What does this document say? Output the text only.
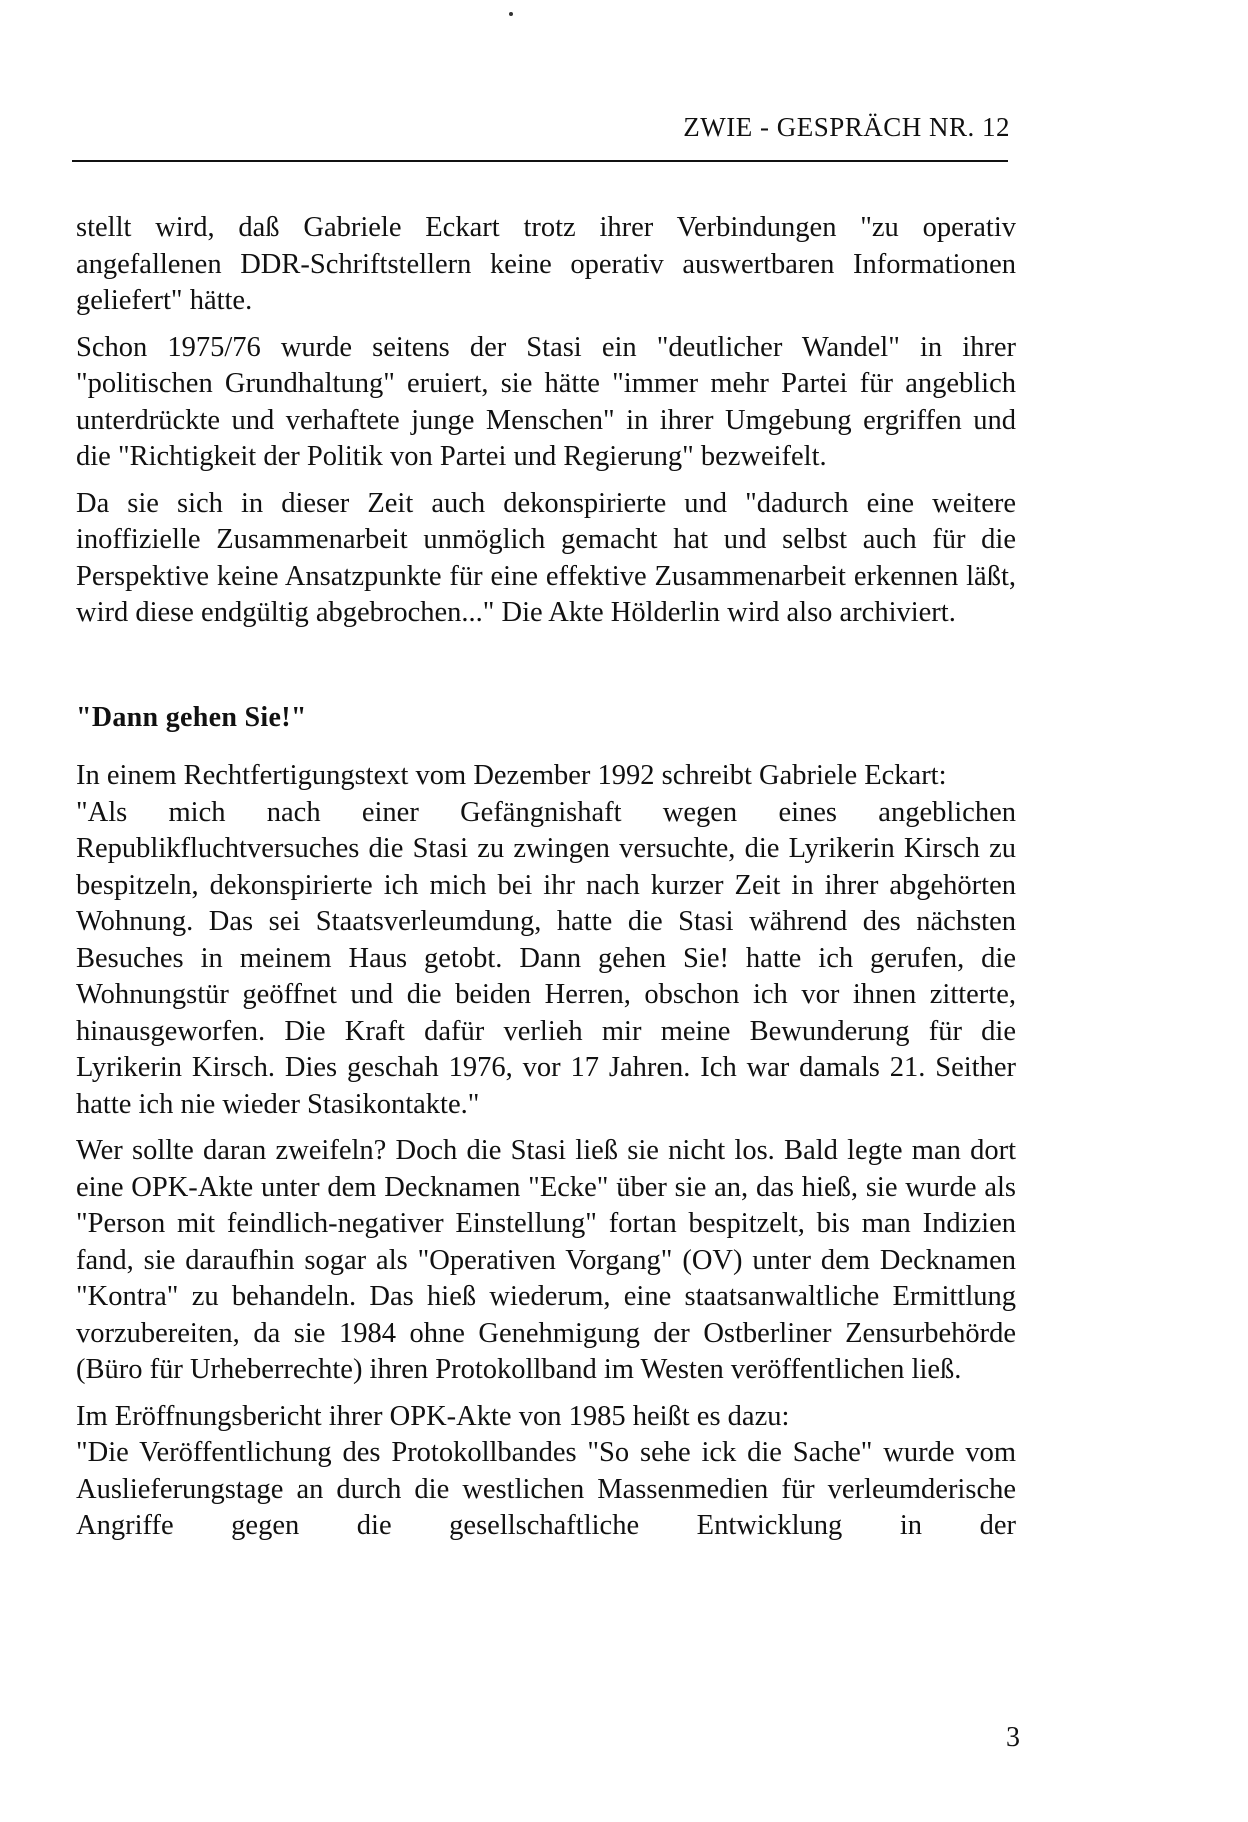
ZWIE - GESPRÄCH NR. 12

stellt wird, daß Gabriele Eckart trotz ihrer Verbindungen "zu operativ angefallenen DDR-Schriftstellern keine operativ auswertbaren Informationen geliefert" hätte.

Schon 1975/76 wurde seitens der Stasi ein "deutlicher Wandel" in ihrer "politischen Grundhaltung" eruiert, sie hätte "immer mehr Partei für angeblich unterdrückte und verhaftete junge Menschen" in ihrer Umgebung ergriffen und die "Richtigkeit der Politik von Partei und Regierung" bezweifelt.

Da sie sich in dieser Zeit auch dekonspirierte und "dadurch eine weitere inoffizielle Zusammenarbeit unmöglich gemacht hat und selbst auch für die Perspektive keine Ansatzpunkte für eine effektive Zusammenarbeit erkennen läßt, wird diese endgültig abgebrochen..." Die Akte Hölderlin wird also archiviert.

"Dann gehen Sie!"

In einem Rechtfertigungstext vom Dezember 1992 schreibt Gabriele Eckart:

"Als mich nach einer Gefängnishaft wegen eines angeblichen Republikfluchtversuches die Stasi zu zwingen versuchte, die Lyrikerin Kirsch zu bespitzeln, dekonspirierte ich mich bei ihr nach kurzer Zeit in ihrer abgehörten Wohnung. Das sei Staatsverleumdung, hatte die Stasi während des nächsten Besuches in meinem Haus getobt. Dann gehen Sie! hatte ich gerufen, die Wohnungstür geöffnet und die beiden Herren, obschon ich vor ihnen zitterte, hinausgeworfen. Die Kraft dafür verlieh mir meine Bewunderung für die Lyrikerin Kirsch. Dies geschah 1976, vor 17 Jahren. Ich war damals 21. Seither hatte ich nie wieder Stasikontakte."

Wer sollte daran zweifeln? Doch die Stasi ließ sie nicht los. Bald legte man dort eine OPK-Akte unter dem Decknamen "Ecke" über sie an, das hieß, sie wurde als "Person mit feindlich-negativer Einstellung" fortan bespitzelt, bis man Indizien fand, sie daraufhin sogar als "Operativen Vorgang" (OV) unter dem Decknamen "Kontra" zu behandeln. Das hieß wiederum, eine staatsanwaltliche Ermittlung vorzubereiten, da sie 1984 ohne Genehmigung der Ostberliner Zensurbehörde (Büro für Urheberrechte) ihren Protokollband im Westen veröffentlichen ließ.

Im Eröffnungsbericht ihrer OPK-Akte von 1985 heißt es dazu:

"Die Veröffentlichung des Protokollbandes "So sehe ick die Sache" wurde vom Auslieferungstage an durch die westlichen Massenmedien für verleumderische Angriffe gegen die gesellschaftliche Entwicklung in der

3
